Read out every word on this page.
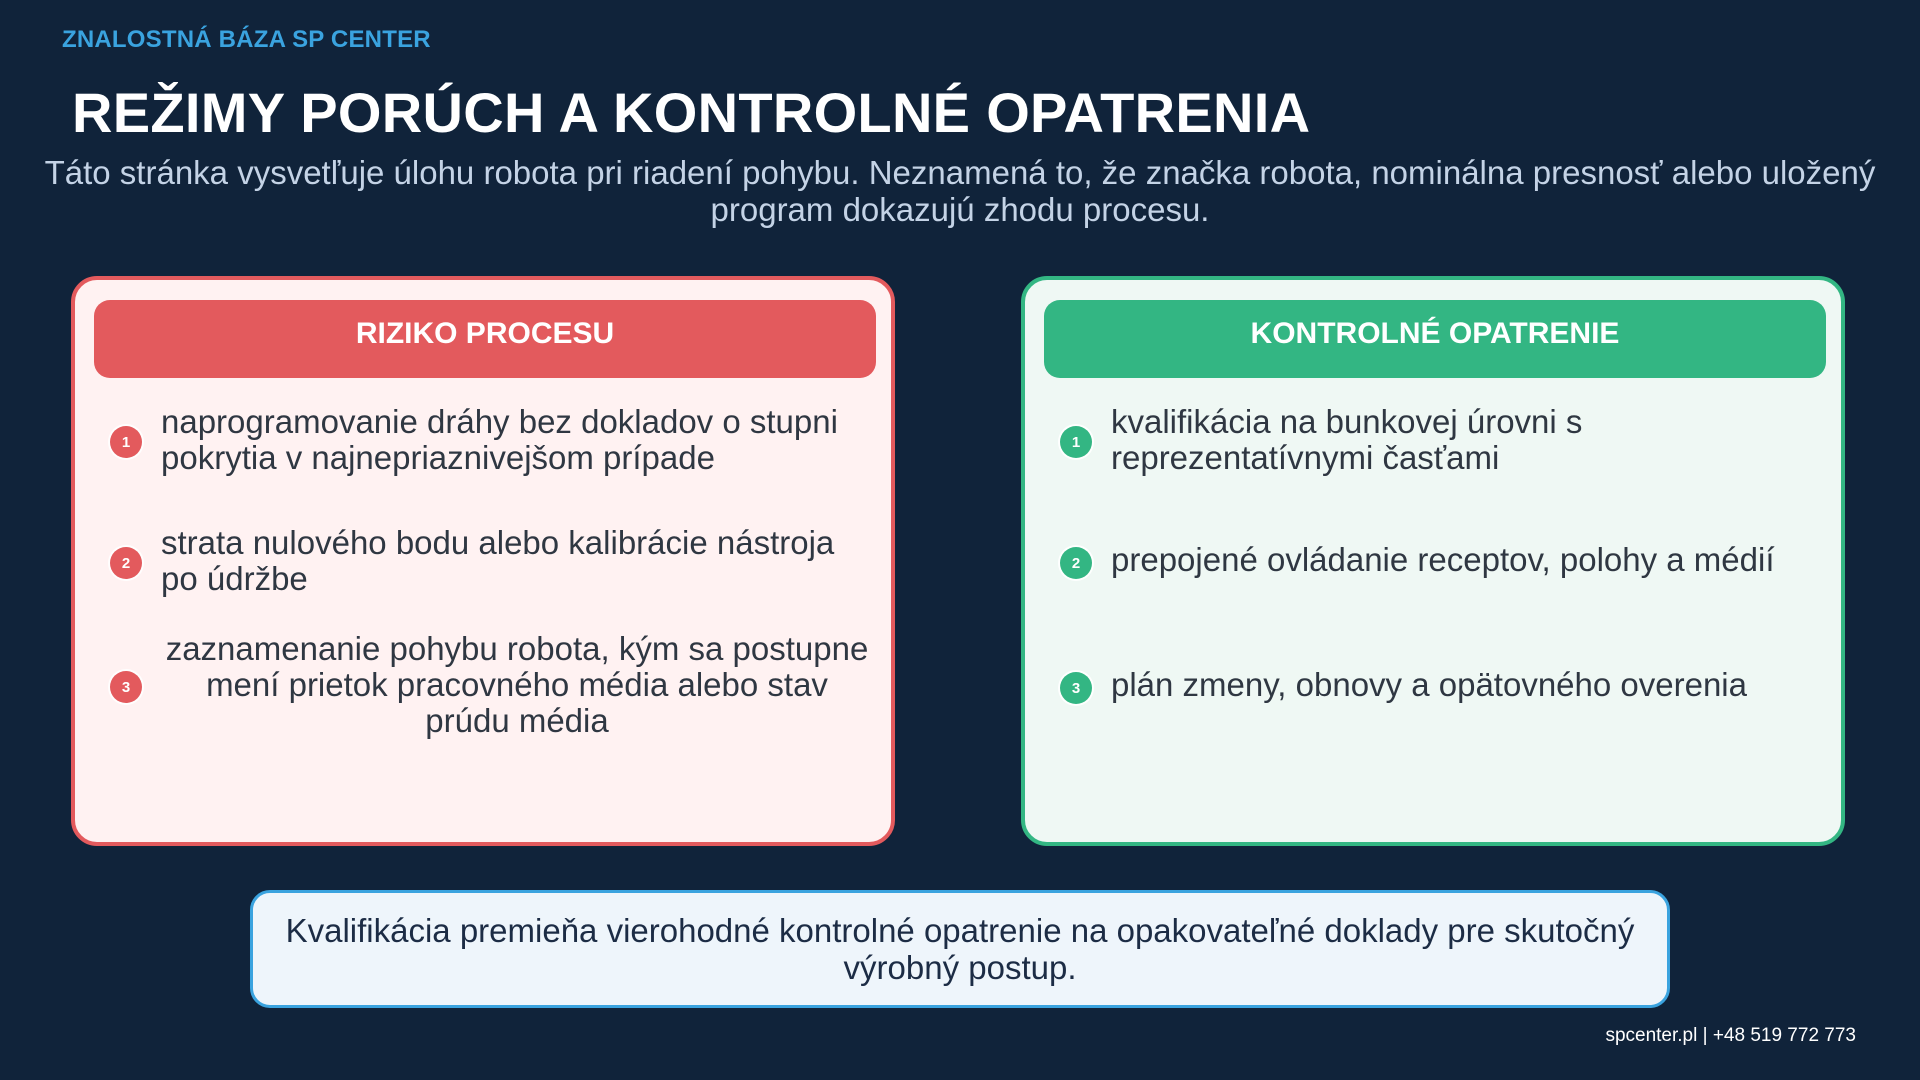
ZNALOSTNÁ BÁZA SP CENTER
REŽIMY PORÚCH A KONTROLNÉ OPATRENIA
Táto stránka vysvetľuje úlohu robota pri riadení pohybu. Neznamená to, že značka robota, nominálna presnosť alebo uložený program dokazujú zhodu procesu.
RIZIKO PROCESU
1
naprogramovanie dráhy bez dokladov o stupni pokrytia v najnepriaznivejšom prípade
2
strata nulového bodu alebo kalibrácie nástroja po údržbe
3
zaznamenanie pohybu robota, kým sa postupne mení prietok pracovného média alebo stav prúdu média
KONTROLNÉ OPATRENIE
1
kvalifikácia na bunkovej úrovni s reprezentatívnymi časťami
2 prepojené ovládanie receptov, polohy a médií
3 plán zmeny, obnovy a opätovného overenia
Kvalifikácia premieňa vierohodné kontrolné opatrenie na opakovateľné doklady pre skutočný výrobný postup.
spcenter.pl | +48 519 772 773
